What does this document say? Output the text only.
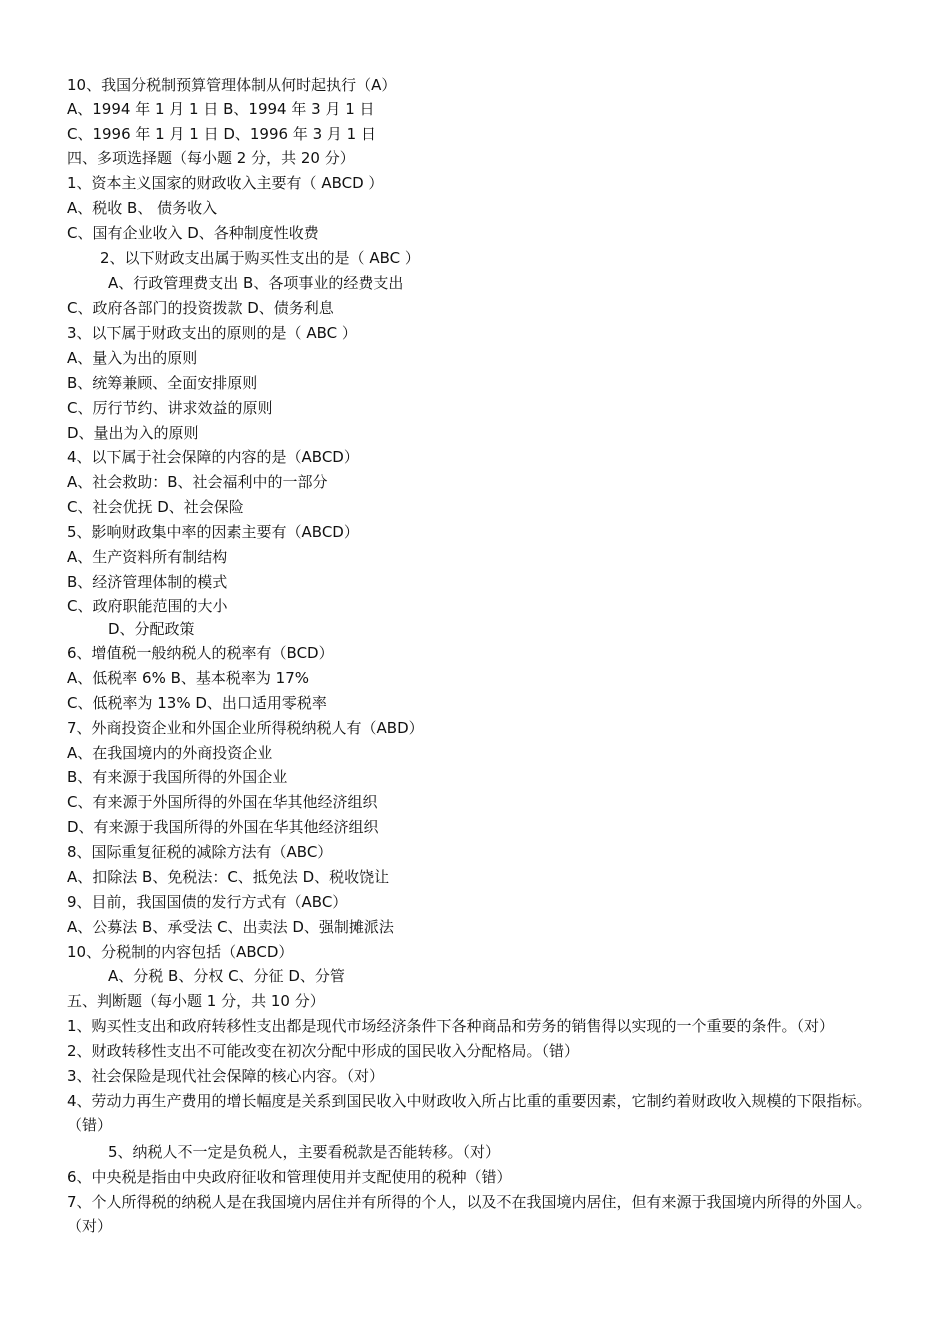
10、我国分税制预算管理体制从何时起执行（A）
A、1994 年 1 月 1 日 B、1994 年 3 月 1 日
C、1996 年 1 月 1 日 D、1996 年 3 月 1 日
四、多项选择题（每小题 2 分，共 20 分）
1、资本主义国家的财政收入主要有（ ABCD ）
A、税收 B、 债务收入
C、国有企业收入 D、各种制度性收费
2、以下财政支出属于购买性支出的是（ ABC ）
A、行政管理费支出 B、各项事业的经费支出
C、政府各部门的投资拨款 D、债务利息
3、以下属于财政支出的原则的是（ ABC ）
A、量入为出的原则
B、统筹兼顾、全面安排原则
C、厉行节约、讲求效益的原则
D、量出为入的原则
4、以下属于社会保障的内容的是（ABCD）
A、社会救助：B、社会福利中的一部分
C、社会优抚 D、社会保险
5、影响财政集中率的因素主要有（ABCD）
A、生产资料所有制结构
B、经济管理体制的模式
C、政府职能范围的大小
D、分配政策
6、增值税一般纳税人的税率有（BCD）
A、低税率 6% B、基本税率为 17%
C、低税率为 13% D、出口适用零税率
7、外商投资企业和外国企业所得税纳税人有（ABD）
A、在我国境内的外商投资企业
B、有来源于我国所得的外国企业
C、有来源于外国所得的外国在华其他经济组织
D、有来源于我国所得的外国在华其他经济组织
8、国际重复征税的减除方法有（ABC）
A、扣除法 B、免税法：C、抵免法 D、税收饶让
9、目前，我国国债的发行方式有（ABC）
A、公募法 B、承受法 C、出卖法 D、强制摊派法
10、分税制的内容包括（ABCD）
A、分税 B、分权 C、分征 D、分管
五、判断题（每小题 1 分，共 10 分）
1、购买性支出和政府转移性支出都是现代市场经济条件下各种商品和劳务的销售得以实现的一个重要的条件。（对）
2、财政转移性支出不可能改变在初次分配中形成的国民收入分配格局。（错）
3、社会保险是现代社会保障的核心内容。（对）
4、劳动力再生产费用的增长幅度是关系到国民收入中财政收入所占比重的重要因素，它制约着财政收入规模的下限指标。（错）
5、纳税人不一定是负税人，主要看税款是否能转移。（对）
6、中央税是指由中央政府征收和管理使用并支配使用的税种（错）
7、个人所得税的纳税人是在我国境内居住并有所得的个人，以及不在我国境内居住，但有来源于我国境内所得的外国人。（对）
